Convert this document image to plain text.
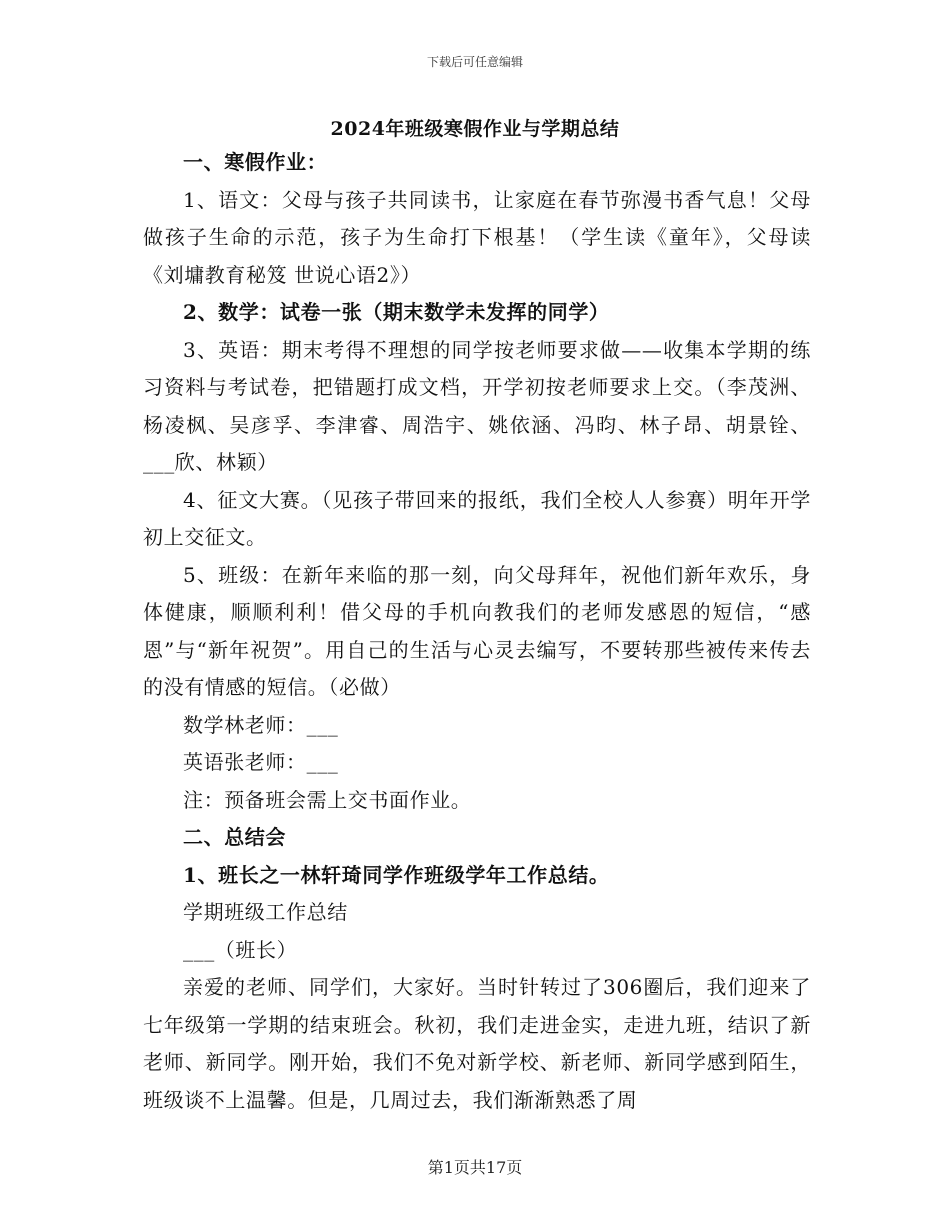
下载后可任意编辑
2024年班级寒假作业与学期总结

一、寒假作业：

1、语文：父母与孩子共同读书，让家庭在春节弥漫书香气息！父母做孩子生命的示范，孩子为生命打下根基！（学生读《童年》，父母读《刘墉教育秘笈 世说心语2》）

2、数学：试卷一张（期末数学未发挥的同学）

3、英语：期末考得不理想的同学按老师要求做——收集本学期的练习资料与考试卷，把错题打成文档，开学初按老师要求上交。（李茂洲、杨凌枫、吴彦孚、李津睿、周浩宇、姚依涵、冯昀、林子昂、胡景铨、___欣、林颖）

4、征文大赛。（见孩子带回来的报纸，我们全校人人参赛）明年开学初上交征文。

5、班级：在新年来临的那一刻，向父母拜年，祝他们新年欢乐，身体健康，顺顺利利！借父母的手机向教我们的老师发感恩的短信，“感恩”与“新年祝贺”。用自己的生活与心灵去编写，不要转那些被传来传去的没有情感的短信。（必做）

数学林老师：___

英语张老师：___

注：预备班会需上交书面作业。

二、总结会

1、班长之一林轩琦同学作班级学年工作总结。

学期班级工作总结

___（班长）

亲爱的老师、同学们，大家好。当时针转过了306圈后，我们迎来了七年级第一学期的结束班会。秋初，我们走进金实，走进九班，结识了新老师、新同学。刚开始，我们不免对新学校、新老师、新同学感到陌生，班级谈不上温馨。但是，几周过去，我们渐渐熟悉了周

第1页共17页
